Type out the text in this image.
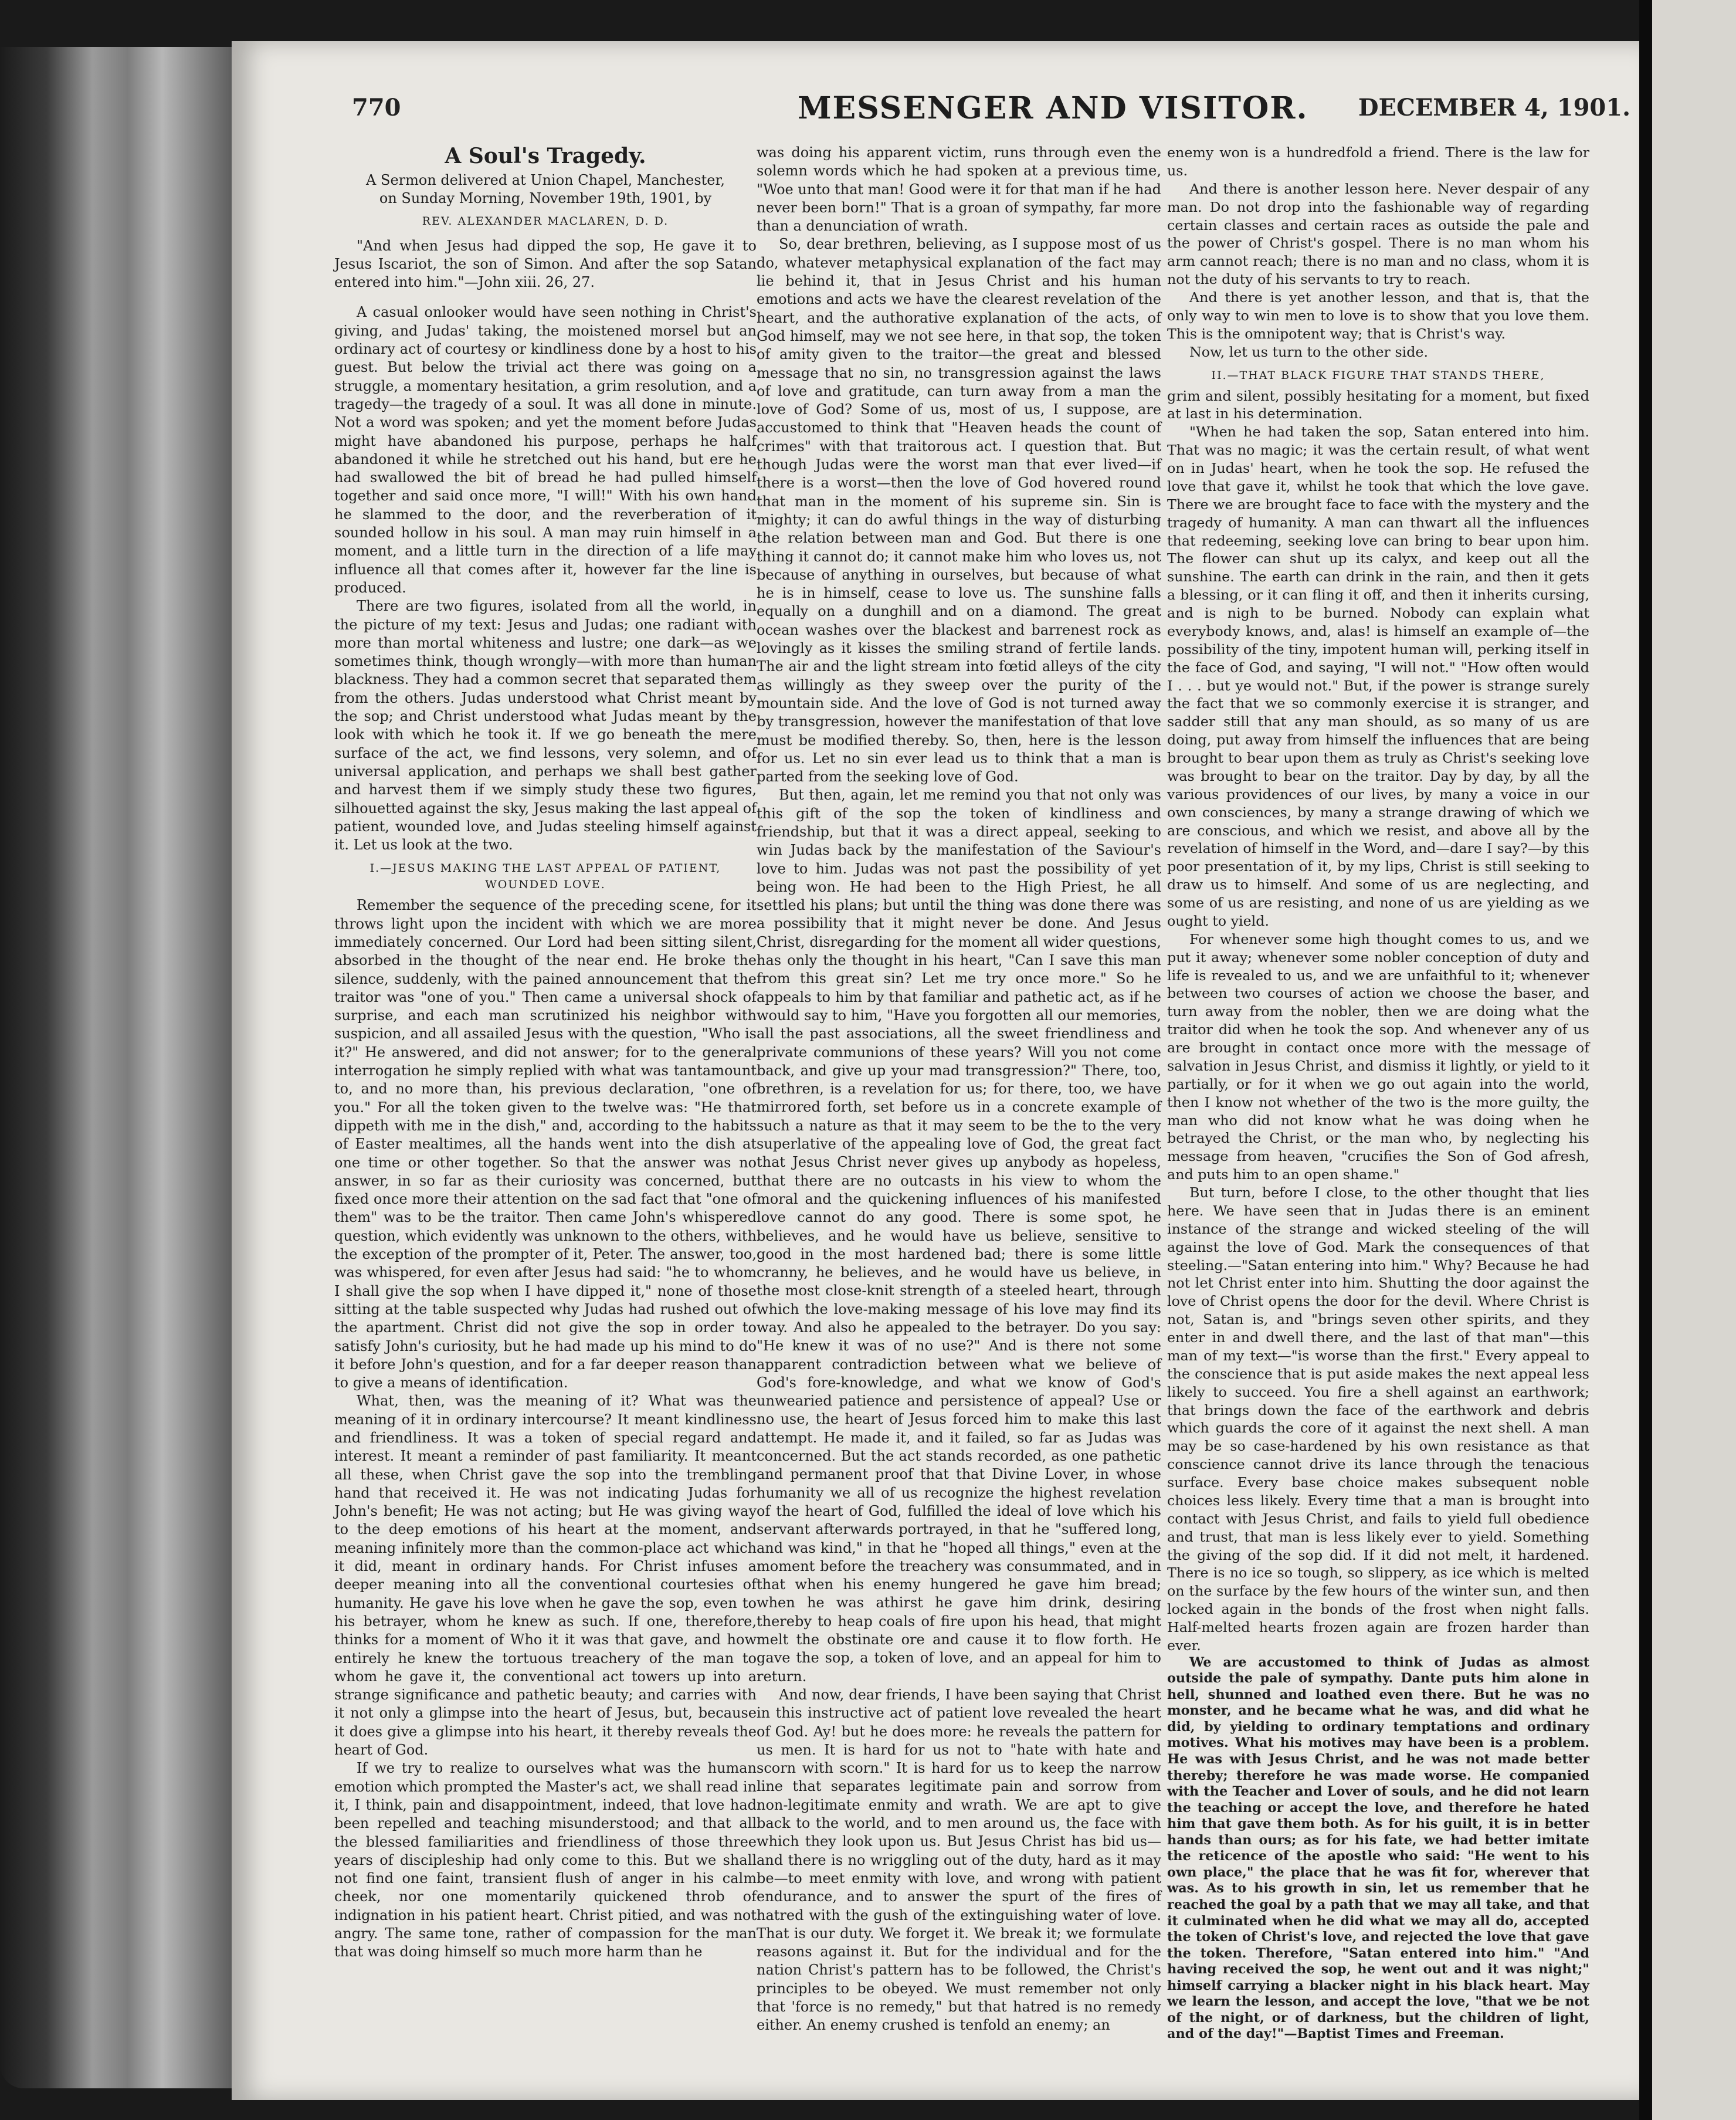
770	MESSENGER AND VISITOR. DECEMBER 4, 1901.
A Soul's Tragedy.
A Sermon delivered at Union Chapel, Manchester, on Sunday Morning, November 19th, 1901, by
REV. ALEXANDER MACLAREN, D. D.

"And when Jesus had dipped the sop, He gave it to Jesus Iscariot, the son of Simon. And after the sop Satan entered into him."—John xiii. 26, 27.

A casual onlooker would have seen nothing in Christ's giving, and Judas' taking, the moistened morsel but an ordinary act of courtesy or kindliness done by a host to his guest. But below the trivial act there was going on a struggle, a momentary hesitation, a grim resolution, and a tragedy—the tragedy of a soul. It was all done in minute. Not a word was spoken; and yet the moment before Judas might have abandoned his purpose, perhaps he half abandoned it while he stretched out his hand, but ere he had swallowed the bit of bread he had pulled himself together and said once more, "I will!" With his own hand he slammed to the door, and the reverberation of it sounded hollow in his soul. A man may ruin himself in a moment, and a little turn in the direction of a life may influence all that comes after it, however far the line is produced.

There are two figures, isolated from all the world, in the picture of my text: Jesus and Judas; one radiant with more than mortal whiteness and lustre; one dark—as we sometimes think, though wrongly—with more than human blackness. They had a common secret that separated them from the others. Judas understood what Christ meant by the sop; and Christ understood what Judas meant by the look with which he took it. If we go beneath the mere surface of the act, we find lessons, very solemn, and of universal application, and perhaps we shall best gather and harvest them if we simply study these two figures, silhouetted against the sky, Jesus making the last appeal of patient, wounded love, and Judas steeling himself against it. Let us look at the two.

I.—JESUS MAKING THE LAST APPEAL OF PATIENT, WOUNDED LOVE.

Remember the sequence of the preceding scene, for it throws light upon the incident with which we are more immediately concerned. Our Lord had been sitting silent, absorbed in the thought of the near end. He broke the silence, suddenly, with the pained announcement that the traitor was "one of you." Then came a universal shock of surprise, and each man scrutinized his neighbor with suspicion, and all assailed Jesus with the question, "Who is it?" He answered, and did not answer; for to the general interrogation he simply replied with what was tantamount to, and no more than, his previous declaration, "one of you." For all the token given to the twelve was: "He that dippeth with me in the dish," and, according to the habits of Easter mealtimes, all the hands went into the dish at one time or other together. So that the answer was no answer, in so far as their curiosity was concerned, but fixed once more their attention on the sad fact that "one of them" was to be the traitor. Then came John's whispered question, which evidently was unknown to the others, with the exception of the prompter of it, Peter. The answer, too, was whispered, for even after Jesus had said: "he to whom I shall give the sop when I have dipped it," none of those sitting at the table suspected why Judas had rushed out of the apartment. Christ did not give the sop in order to satisfy John's curiosity, but he had made up his mind to do it before John's question, and for a far deeper reason than to give a means of identification.

What, then, was the meaning of it? What was the meaning of it in ordinary intercourse? It meant kindliness and friendliness. It was a token of special regard and interest. It meant a reminder of past familiarity. It meant all these, when Christ gave the sop into the trembling hand that received it. He was not indicating Judas for John's benefit; He was not acting; but He was giving way to the deep emotions of his heart at the moment, and meaning infinitely more than the common-place act which it did, meant in ordinary hands. For Christ infuses a deeper meaning into all the conventional courtesies of humanity. He gave his love when he gave the sop, even to his betrayer, whom he knew as such. If one, therefore, thinks for a moment of Who it it was that gave, and how entirely he knew the tortuous treachery of the man to whom he gave it, the conventional act towers up into a strange significance and pathetic beauty; and carries with it not only a glimpse into the heart of Jesus, but, because it does give a glimpse into his heart, it thereby reveals the heart of God.

If we try to realize to ourselves what was the human emotion which prompted the Master's act, we shall read in it, I think, pain and disappointment, indeed, that love had been repelled and teaching misunderstood; and that all the blessed familiarities and friendliness of those three years of discipleship had only come to this. But we shall not find one faint, transient flush of anger in his calm cheek, nor one momentarily quickened throb of indignation in his patient heart. Christ pitied, and was not angry. The same tone, rather of compassion for the man that was doing himself so much more harm than he

was doing his apparent victim, runs through even the solemn words which he had spoken at a previous time, "Woe unto that man! Good were it for that man if he had never been born!" That is a groan of sympathy, far more than a denunciation of wrath.

So, dear brethren, believing, as I suppose most of us do, whatever metaphysical explanation of the fact may lie behind it, that in Jesus Christ and his human emotions and acts we have the clearest revelation of the heart, and the authorative explanation of the acts, of God himself, may we not see here, in that sop, the token of amity given to the traitor—the great and blessed message that no sin, no transgression against the laws of love and gratitude, can turn away from a man the love of God? Some of us, most of us, I suppose, are accustomed to think that "Heaven heads the count of crimes" with that traitorous act. I question that. But though Judas were the worst man that ever lived—if there is a worst—then the love of God hovered round that man in the moment of his supreme sin. Sin is mighty; it can do awful things in the way of disturbing the relation between man and God. But there is one thing it cannot do; it cannot make him who loves us, not because of anything in ourselves, but because of what he is in himself, cease to love us. The sunshine falls equally on a dunghill and on a diamond. The great ocean washes over the blackest and barrenest rock as lovingly as it kisses the smiling strand of fertile lands. The air and the light stream into fœtid alleys of the city as willingly as they sweep over the purity of the mountain side. And the love of God is not turned away by transgression, however the manifestation of that love must be modified thereby. So, then, here is the lesson for us. Let no sin ever lead us to think that a man is parted from the seeking love of God.

But then, again, let me remind you that not only was this gift of the sop the token of kindliness and friendship, but that it was a direct appeal, seeking to win Judas back by the manifestation of the Saviour's love to him. Judas was not past the possibility of yet being won. He had been to the High Priest, he all settled his plans; but until the thing was done there was a possibility that it might never be done. And Jesus Christ, disregarding for the moment all wider questions, has only the thought in his heart, "Can I save this man from this great sin? Let me try once more." So he appeals to him by that familiar and pathetic act, as if he would say to him, "Have you forgotten all our memories, all the past associations, all the sweet friendliness and private communions of these years? Will you not come back, and give up your mad transgression?" There, too, brethren, is a revelation for us; for there, too, we have mirrored forth, set before us in a concrete example of such a nature as that it may seem to be the to the very superlative of the appealing love of God, the great fact that Jesus Christ never gives up anybody as hopeless, that there are no outcasts in his view to whom the moral and the quickening influences of his manifested love cannot do any good. There is some spot, he believes, and he would have us believe, sensitive to good in the most hardened bad; there is some little cranny, he believes, and he would have us believe, in the most close-knit strength of a steeled heart, through which the love-making message of his love may find its way. And also he appealed to the betrayer. Do you say: "He knew it was of no use?" And is there not some apparent contradiction between what we believe of God's fore-knowledge, and what we know of God's unwearied patience and persistence of appeal? Use or no use, the heart of Jesus forced him to make this last attempt. He made it, and it failed, so far as Judas was concerned. But the act stands recorded, as one pathetic and permanent proof that that Divine Lover, in whose humanity we all of us recognize the highest revelation of the heart of God, fulfilled the ideal of love which his servant afterwards portrayed, in that he "suffered long, and was kind," in that he "hoped all things," even at the moment before the treachery was consummated, and in that when his enemy hungered he gave him bread; when he was athirst he gave him drink, desiring thereby to heap coals of fire upon his head, that might melt the obstinate ore and cause it to flow forth. He gave the sop, a token of love, and an appeal for him to return.

And now, dear friends, I have been saying that Christ in this instructive act of patient love revealed the heart of God. Ay! but he does more: he reveals the pattern for us men. It is hard for us not to "hate with hate and scorn with scorn." It is hard for us to keep the narrow line that separates legitimate pain and sorrow from non-legitimate enmity and wrath. We are apt to give back to the world, and to men around us, the face with which they look upon us. But Jesus Christ has bid us—and there is no wriggling out of the duty, hard as it may be—to meet enmity with love, and wrong with patient endurance, and to answer the spurt of the fires of hatred with the gush of the extinguishing water of love. That is our duty. We forget it. We break it; we formulate reasons against it. But for the individual and for the nation Christ's pattern has to be followed, the Christ's principles to be obeyed. We must remember not only that 'force is no remedy," but that hatred is no remedy either. An enemy crushed is tenfold an enemy; an

enemy won is a hundredfold a friend. There is the law for us.

And there is another lesson here. Never despair of any man. Do not drop into the fashionable way of regarding certain classes and certain races as outside the pale and the power of Christ's gospel. There is no man whom his arm cannot reach; there is no man and no class, whom it is not the duty of his servants to try to reach.

And there is yet another lesson, and that is, that the only way to win men to love is to show that you love them. This is the omnipotent way; that is Christ's way.

Now, let us turn to the other side.

II.—THAT BLACK FIGURE THAT STANDS THERE,

grim and silent, possibly hesitating for a moment, but fixed at last in his determination.

"When he had taken the sop, Satan entered into him. That was no magic; it was the certain result, of what went on in Judas' heart, when he took the sop. He refused the love that gave it, whilst he took that which the love gave. There we are brought face to face with the mystery and the tragedy of humanity. A man can thwart all the influences that redeeming, seeking love can bring to bear upon him. The flower can shut up its calyx, and keep out all the sunshine. The earth can drink in the rain, and then it gets a blessing, or it can fling it off, and then it inherits cursing, and is nigh to be burned. Nobody can explain what everybody knows, and, alas! is himself an example of—the possibility of the tiny, impotent human will, perking itself in the face of God, and saying, "I will not." "How often would I . . . but ye would not." But, if the power is strange surely the fact that we so commonly exercise it is stranger, and sadder still that any man should, as so many of us are doing, put away from himself the influences that are being brought to bear upon them as truly as Christ's seeking love was brought to bear on the traitor. Day by day, by all the various providences of our lives, by many a voice in our own consciences, by many a strange drawing of which we are conscious, and which we resist, and above all by the revelation of himself in the Word, and—dare I say?—by this poor presentation of it, by my lips, Christ is still seeking to draw us to himself. And some of us are neglecting, and some of us are resisting, and none of us are yielding as we ought to yield.

For whenever some high thought comes to us, and we put it away; whenever some nobler conception of duty and life is revealed to us, and we are unfaithful to it; whenever between two courses of action we choose the baser, and turn away from the nobler, then we are doing what the traitor did when he took the sop. And whenever any of us are brought in contact once more with the message of salvation in Jesus Christ, and dismiss it lightly, or yield to it partially, or for it when we go out again into the world, then I know not whether of the two is the more guilty, the man who did not know what he was doing when he betrayed the Christ, or the man who, by neglecting his message from heaven, "crucifies the Son of God afresh, and puts him to an open shame."

But turn, before I close, to the other thought that lies here. We have seen that in Judas there is an eminent instance of the strange and wicked steeling of the will against the love of God. Mark the consequences of that steeling.—"Satan entering into him." Why? Because he had not let Christ enter into him. Shutting the door against the love of Christ opens the door for the devil. Where Christ is not, Satan is, and "brings seven other spirits, and they enter in and dwell there, and the last of that man"—this man of my text—"is worse than the first." Every appeal to the conscience that is put aside makes the next appeal less likely to succeed. You fire a shell against an earthwork; that brings down the face of the earthwork and debris which guards the core of it against the next shell. A man may be so case-hardened by his own resistance as that conscience cannot drive its lance through the tenacious surface. Every base choice makes subsequent noble choices less likely. Every time that a man is brought into contact with Jesus Christ, and fails to yield full obedience and trust, that man is less likely ever to yield. Something the giving of the sop did. If it did not melt, it hardened. There is no ice so tough, so slippery, as ice which is melted on the surface by the few hours of the winter sun, and then locked again in the bonds of the frost when night falls. Half-melted hearts frozen again are frozen harder than ever.

We are accustomed to think of Judas as almost outside the pale of sympathy. Dante puts him alone in hell, shunned and loathed even there. But he was no monster, and he became what he was, and did what he did, by yielding to ordinary temptations and ordinary motives. What his motives may have been is a problem. He was with Jesus Christ, and he was not made better thereby; therefore he was made worse. He companied with the Teacher and Lover of souls, and he did not learn the teaching or accept the love, and therefore he hated him that gave them both. As for his guilt, it is in better hands than ours; as for his fate, we had better imitate the reticence of the apostle who said: "He went to his own place," the place that he was fit for, wherever that was. As to his growth in sin, let us remember that he reached the goal by a path that we may all take, and that it culminated when he did what we may all do, accepted the token of Christ's love, and rejected the love that gave the token. Therefore, "Satan entered into him." "And having received the sop, he went out and it was night;" himself carrying a blacker night in his black heart. May we learn the lesson, and accept the love, "that we be not of the night, or of darkness, but the children of light, and of the day!"—Baptist Times and Freeman.
